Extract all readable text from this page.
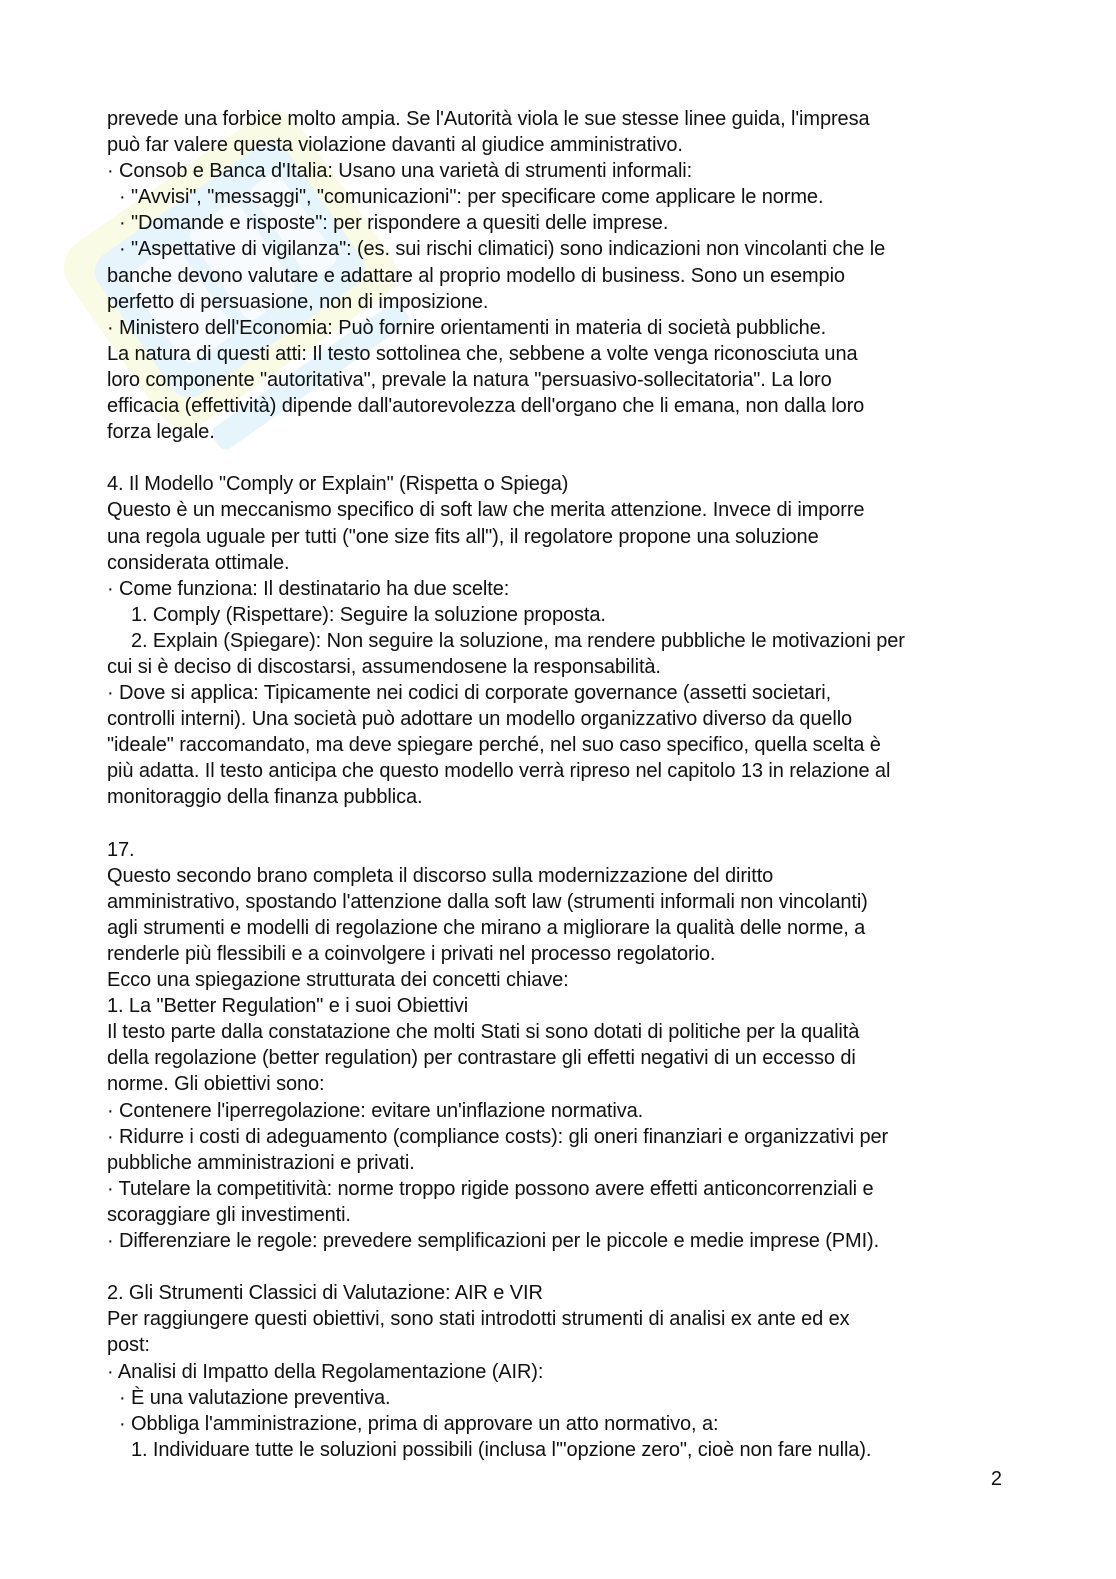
prevede una forbice molto ampia. Se l'Autorità viola le sue stesse linee guida, l'impresa
può far valere questa violazione davanti al giudice amministrativo.
· Consob e Banca d'Italia: Usano una varietà di strumenti informali:
· "Avvisi", "messaggi", "comunicazioni": per specificare come applicare le norme.
· "Domande e risposte": per rispondere a quesiti delle imprese.
· "Aspettative di vigilanza": (es. sui rischi climatici) sono indicazioni non vincolanti che le
banche devono valutare e adattare al proprio modello di business. Sono un esempio
perfetto di persuasione, non di imposizione.
· Ministero dell'Economia: Può fornire orientamenti in materia di società pubbliche.
La natura di questi atti: Il testo sottolinea che, sebbene a volte venga riconosciuta una
loro componente "autoritativa", prevale la natura "persuasivo-sollecitatoria". La loro
efficacia (effettività) dipende dall'autorevolezza dell'organo che li emana, non dalla loro
forza legale.
4. Il Modello "Comply or Explain" (Rispetta o Spiega)
Questo è un meccanismo specifico di soft law che merita attenzione. Invece di imporre
una regola uguale per tutti ("one size fits all"), il regolatore propone una soluzione
considerata ottimale.
· Come funziona: Il destinatario ha due scelte:
1. Comply (Rispettare): Seguire la soluzione proposta.
2. Explain (Spiegare): Non seguire la soluzione, ma rendere pubbliche le motivazioni per
cui si è deciso di discostarsi, assumendosene la responsabilità.
· Dove si applica: Tipicamente nei codici di corporate governance (assetti societari,
controlli interni). Una società può adottare un modello organizzativo diverso da quello
"ideale" raccomandato, ma deve spiegare perché, nel suo caso specifico, quella scelta è
più adatta. Il testo anticipa che questo modello verrà ripreso nel capitolo 13 in relazione al
monitoraggio della finanza pubblica.
17.
Questo secondo brano completa il discorso sulla modernizzazione del diritto
amministrativo, spostando l'attenzione dalla soft law (strumenti informali non vincolanti)
agli strumenti e modelli di regolazione che mirano a migliorare la qualità delle norme, a
renderle più flessibili e a coinvolgere i privati nel processo regolatorio.
Ecco una spiegazione strutturata dei concetti chiave:
1. La "Better Regulation" e i suoi Obiettivi
Il testo parte dalla constatazione che molti Stati si sono dotati di politiche per la qualità
della regolazione (better regulation) per contrastare gli effetti negativi di un eccesso di
norme. Gli obiettivi sono:
· Contenere l'iperregolazione: evitare un'inflazione normativa.
· Ridurre i costi di adeguamento (compliance costs): gli oneri finanziari e organizzativi per
pubbliche amministrazioni e privati.
· Tutelare la competitività: norme troppo rigide possono avere effetti anticoncorrenziali e
scoraggiare gli investimenti.
· Differenziare le regole: prevedere semplificazioni per le piccole e medie imprese (PMI).
2. Gli Strumenti Classici di Valutazione: AIR e VIR
Per raggiungere questi obiettivi, sono stati introdotti strumenti di analisi ex ante ed ex
post:
· Analisi di Impatto della Regolamentazione (AIR):
· È una valutazione preventiva.
· Obbliga l'amministrazione, prima di approvare un atto normativo, a:
1. Individuare tutte le soluzioni possibili (inclusa l'"opzione zero", cioè non fare nulla).
2
